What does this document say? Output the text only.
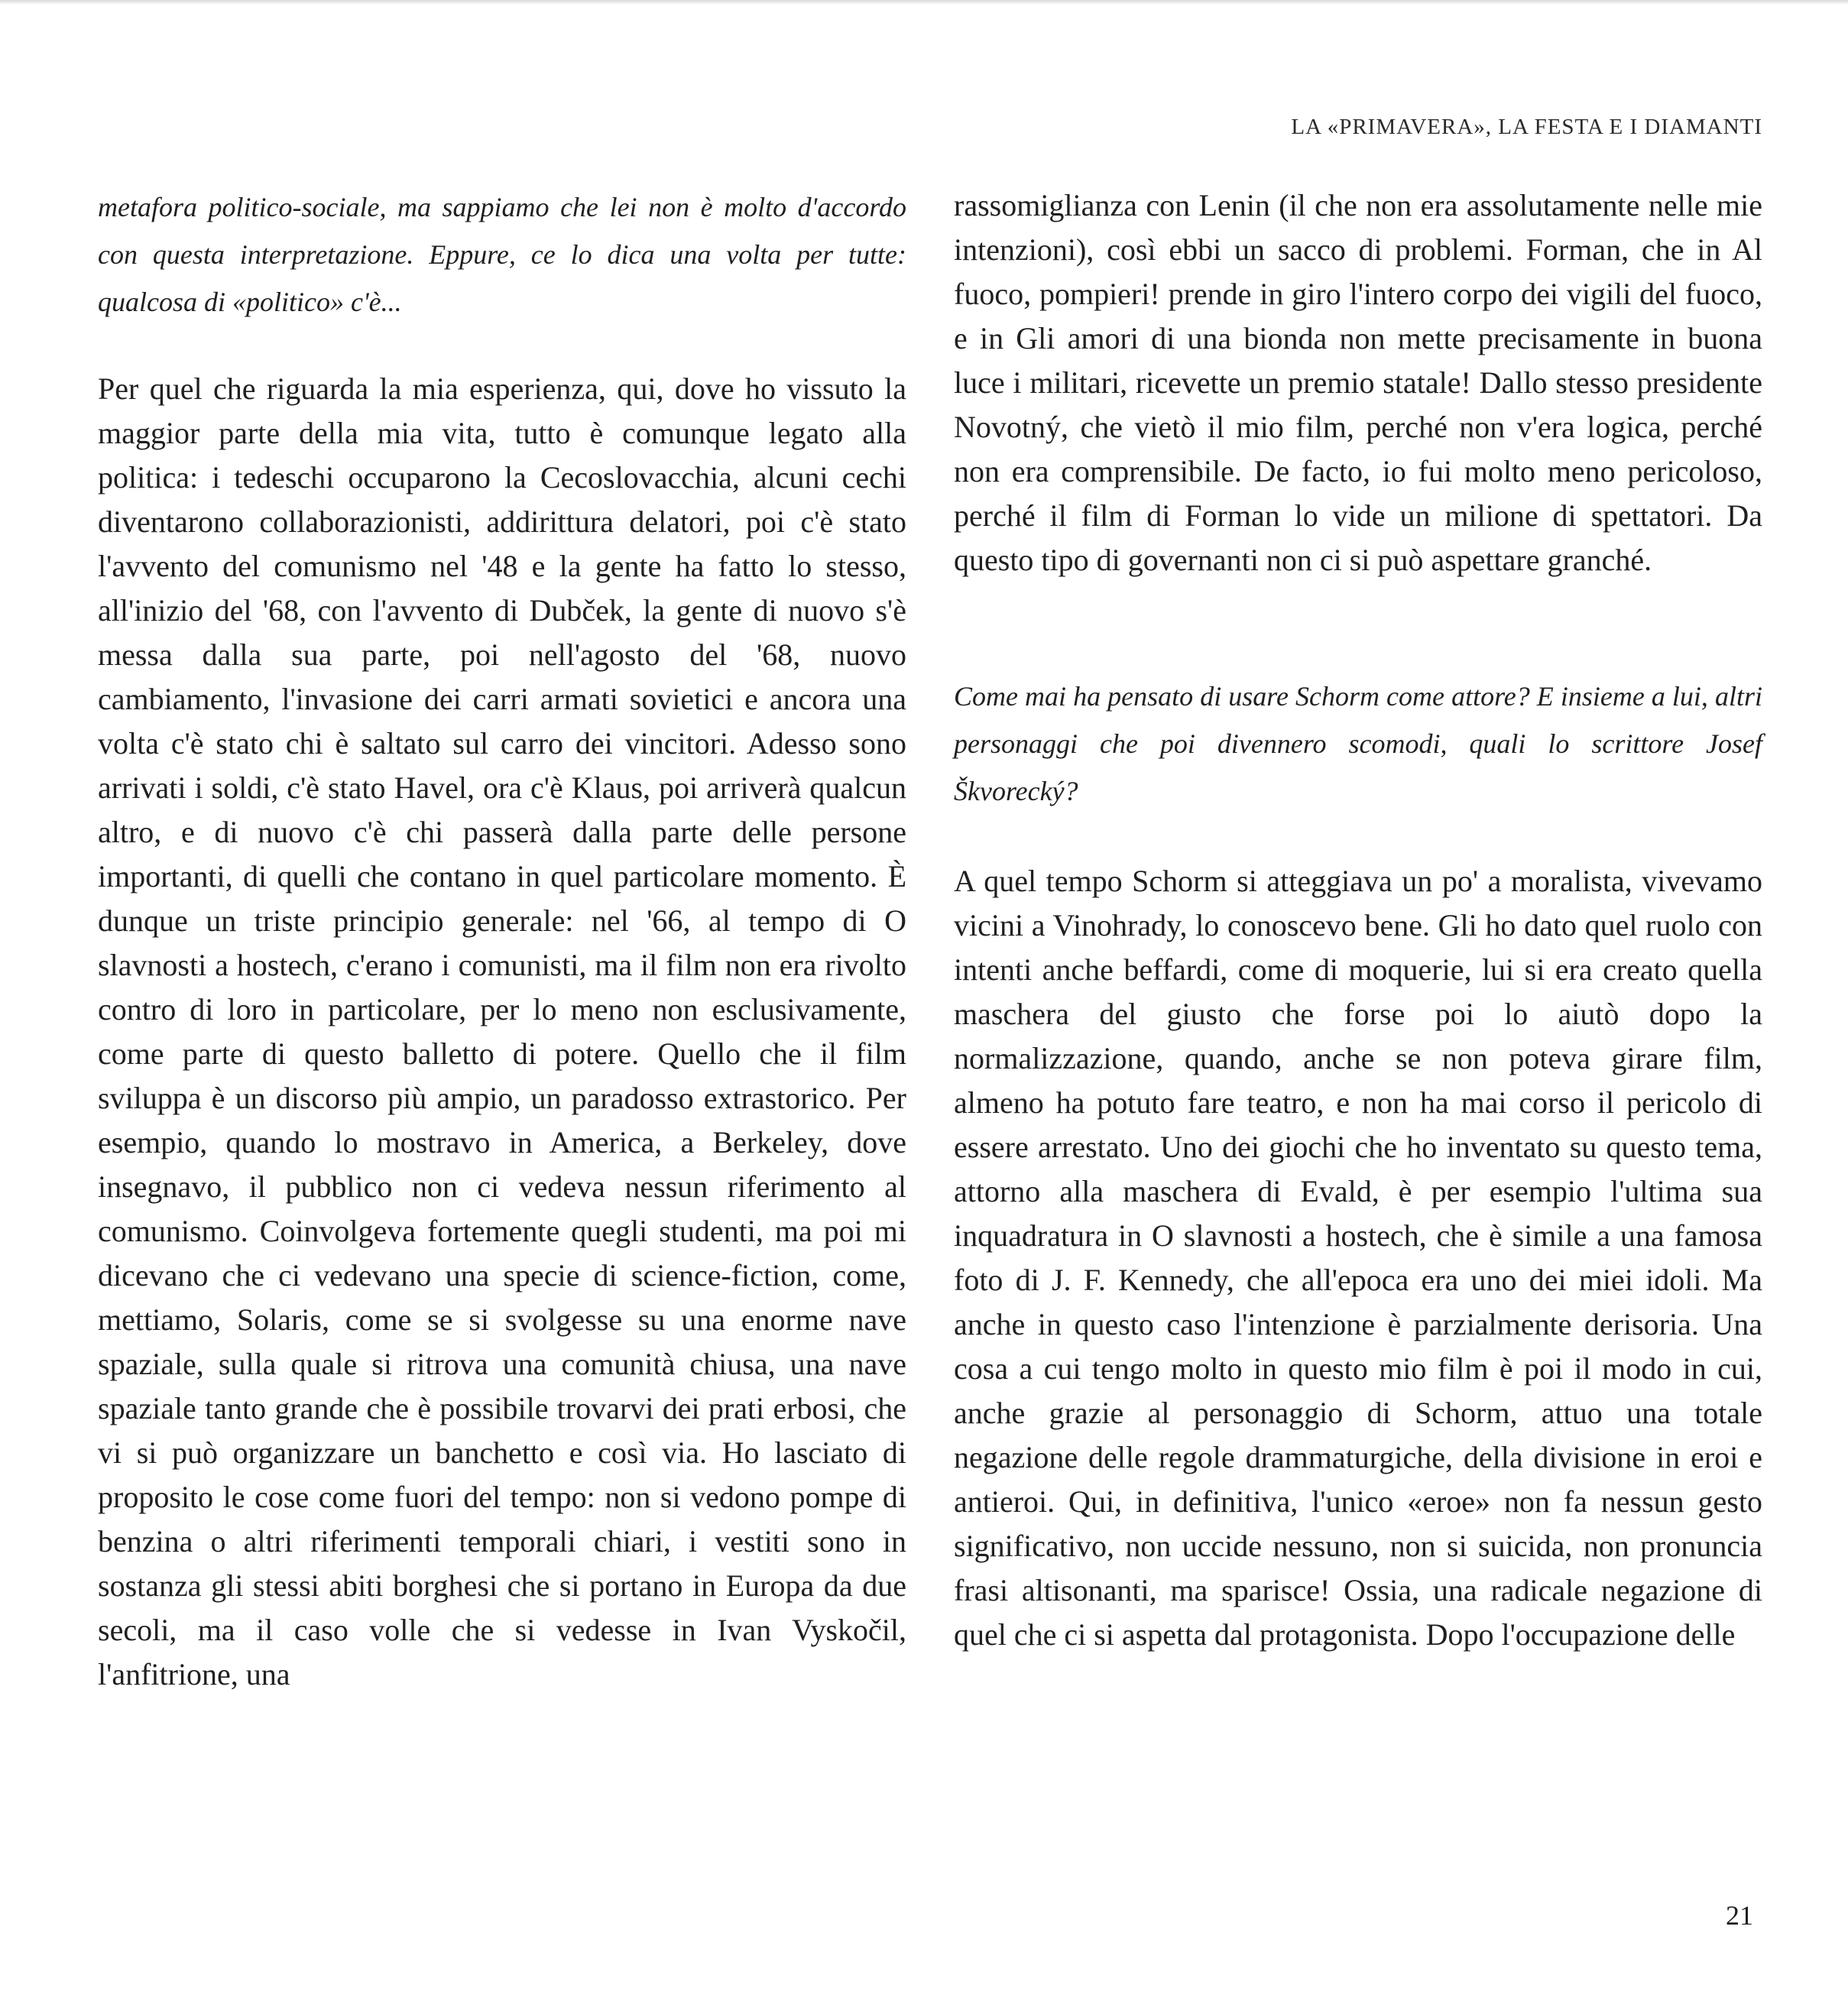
LA «PRIMAVERA», LA FESTA E I DIAMANTI

metafora politico-sociale, ma sappiamo che lei non è molto d'accordo con questa interpretazione. Eppure, ce lo dica una volta per tutte: qualcosa di «politico» c'è...

Per quel che riguarda la mia esperienza, qui, dove ho vissuto la maggior parte della mia vita, tutto è comunque legato alla politica: i tedeschi occuparono la Cecoslovacchia, alcuni cechi diventarono collaborazionisti, addirittura delatori, poi c'è stato l'avvento del comunismo nel '48 e la gente ha fatto lo stesso, all'inizio del '68, con l'avvento di Dubček, la gente di nuovo s'è messa dalla sua parte, poi nell'agosto del '68, nuovo cambiamento, l'invasione dei carri armati sovietici e ancora una volta c'è stato chi è saltato sul carro dei vincitori. Adesso sono arrivati i soldi, c'è stato Havel, ora c'è Klaus, poi arriverà qualcun altro, e di nuovo c'è chi passerà dalla parte delle persone importanti, di quelli che contano in quel particolare momento. È dunque un triste principio generale: nel '66, al tempo di O slavnosti a hostech, c'erano i comunisti, ma il film non era rivolto contro di loro in particolare, per lo meno non esclusivamente, come parte di questo balletto di potere. Quello che il film sviluppa è un discorso più ampio, un paradosso extrastorico. Per esempio, quando lo mostravo in America, a Berkeley, dove insegnavo, il pubblico non ci vedeva nessun riferimento al comunismo. Coinvolgeva fortemente quegli studenti, ma poi mi dicevano che ci vedevano una specie di science-fiction, come, mettiamo, Solaris, come se si svolgesse su una enorme nave spaziale, sulla quale si ritrova una comunità chiusa, una nave spaziale tanto grande che è possibile trovarvi dei prati erbosi, che vi si può organizzare un banchetto e così via. Ho lasciato di proposito le cose come fuori del tempo: non si vedono pompe di benzina o altri riferimenti temporali chiari, i vestiti sono in sostanza gli stessi abiti borghesi che si portano in Europa da due secoli, ma il caso volle che si vedesse in Ivan Vyskočil, l'anfitrione, una

rassomiglianza con Lenin (il che non era assolutamente nelle mie intenzioni), così ebbi un sacco di problemi. Forman, che in Al fuoco, pompieri! prende in giro l'intero corpo dei vigili del fuoco, e in Gli amori di una bionda non mette precisamente in buona luce i militari, ricevette un premio statale! Dallo stesso presidente Novotný, che vietò il mio film, perché non v'era logica, perché non era comprensibile. De facto, io fui molto meno pericoloso, perché il film di Forman lo vide un milione di spettatori. Da questo tipo di governanti non ci si può aspettare granché.

Come mai ha pensato di usare Schorm come attore? E insieme a lui, altri personaggi che poi divennero scomodi, quali lo scrittore Josef Škvorecký?

A quel tempo Schorm si atteggiava un po' a moralista, vivevamo vicini a Vinohrady, lo conoscevo bene. Gli ho dato quel ruolo con intenti anche beffardi, come di moquerie, lui si era creato quella maschera del giusto che forse poi lo aiutò dopo la normalizzazione, quando, anche se non poteva girare film, almeno ha potuto fare teatro, e non ha mai corso il pericolo di essere arrestato. Uno dei giochi che ho inventato su questo tema, attorno alla maschera di Evald, è per esempio l'ultima sua inquadratura in O slavnosti a hostech, che è simile a una famosa foto di J. F. Kennedy, che all'epoca era uno dei miei idoli. Ma anche in questo caso l'intenzione è parzialmente derisoria. Una cosa a cui tengo molto in questo mio film è poi il modo in cui, anche grazie al personaggio di Schorm, attuo una totale negazione delle regole drammaturgiche, della divisione in eroi e antieroi. Qui, in definitiva, l'unico «eroe» non fa nessun gesto significativo, non uccide nessuno, non si suicida, non pronuncia frasi altisonanti, ma sparisce! Ossia, una radicale negazione di quel che ci si aspetta dal protagonista. Dopo l'occupazione delle

21
